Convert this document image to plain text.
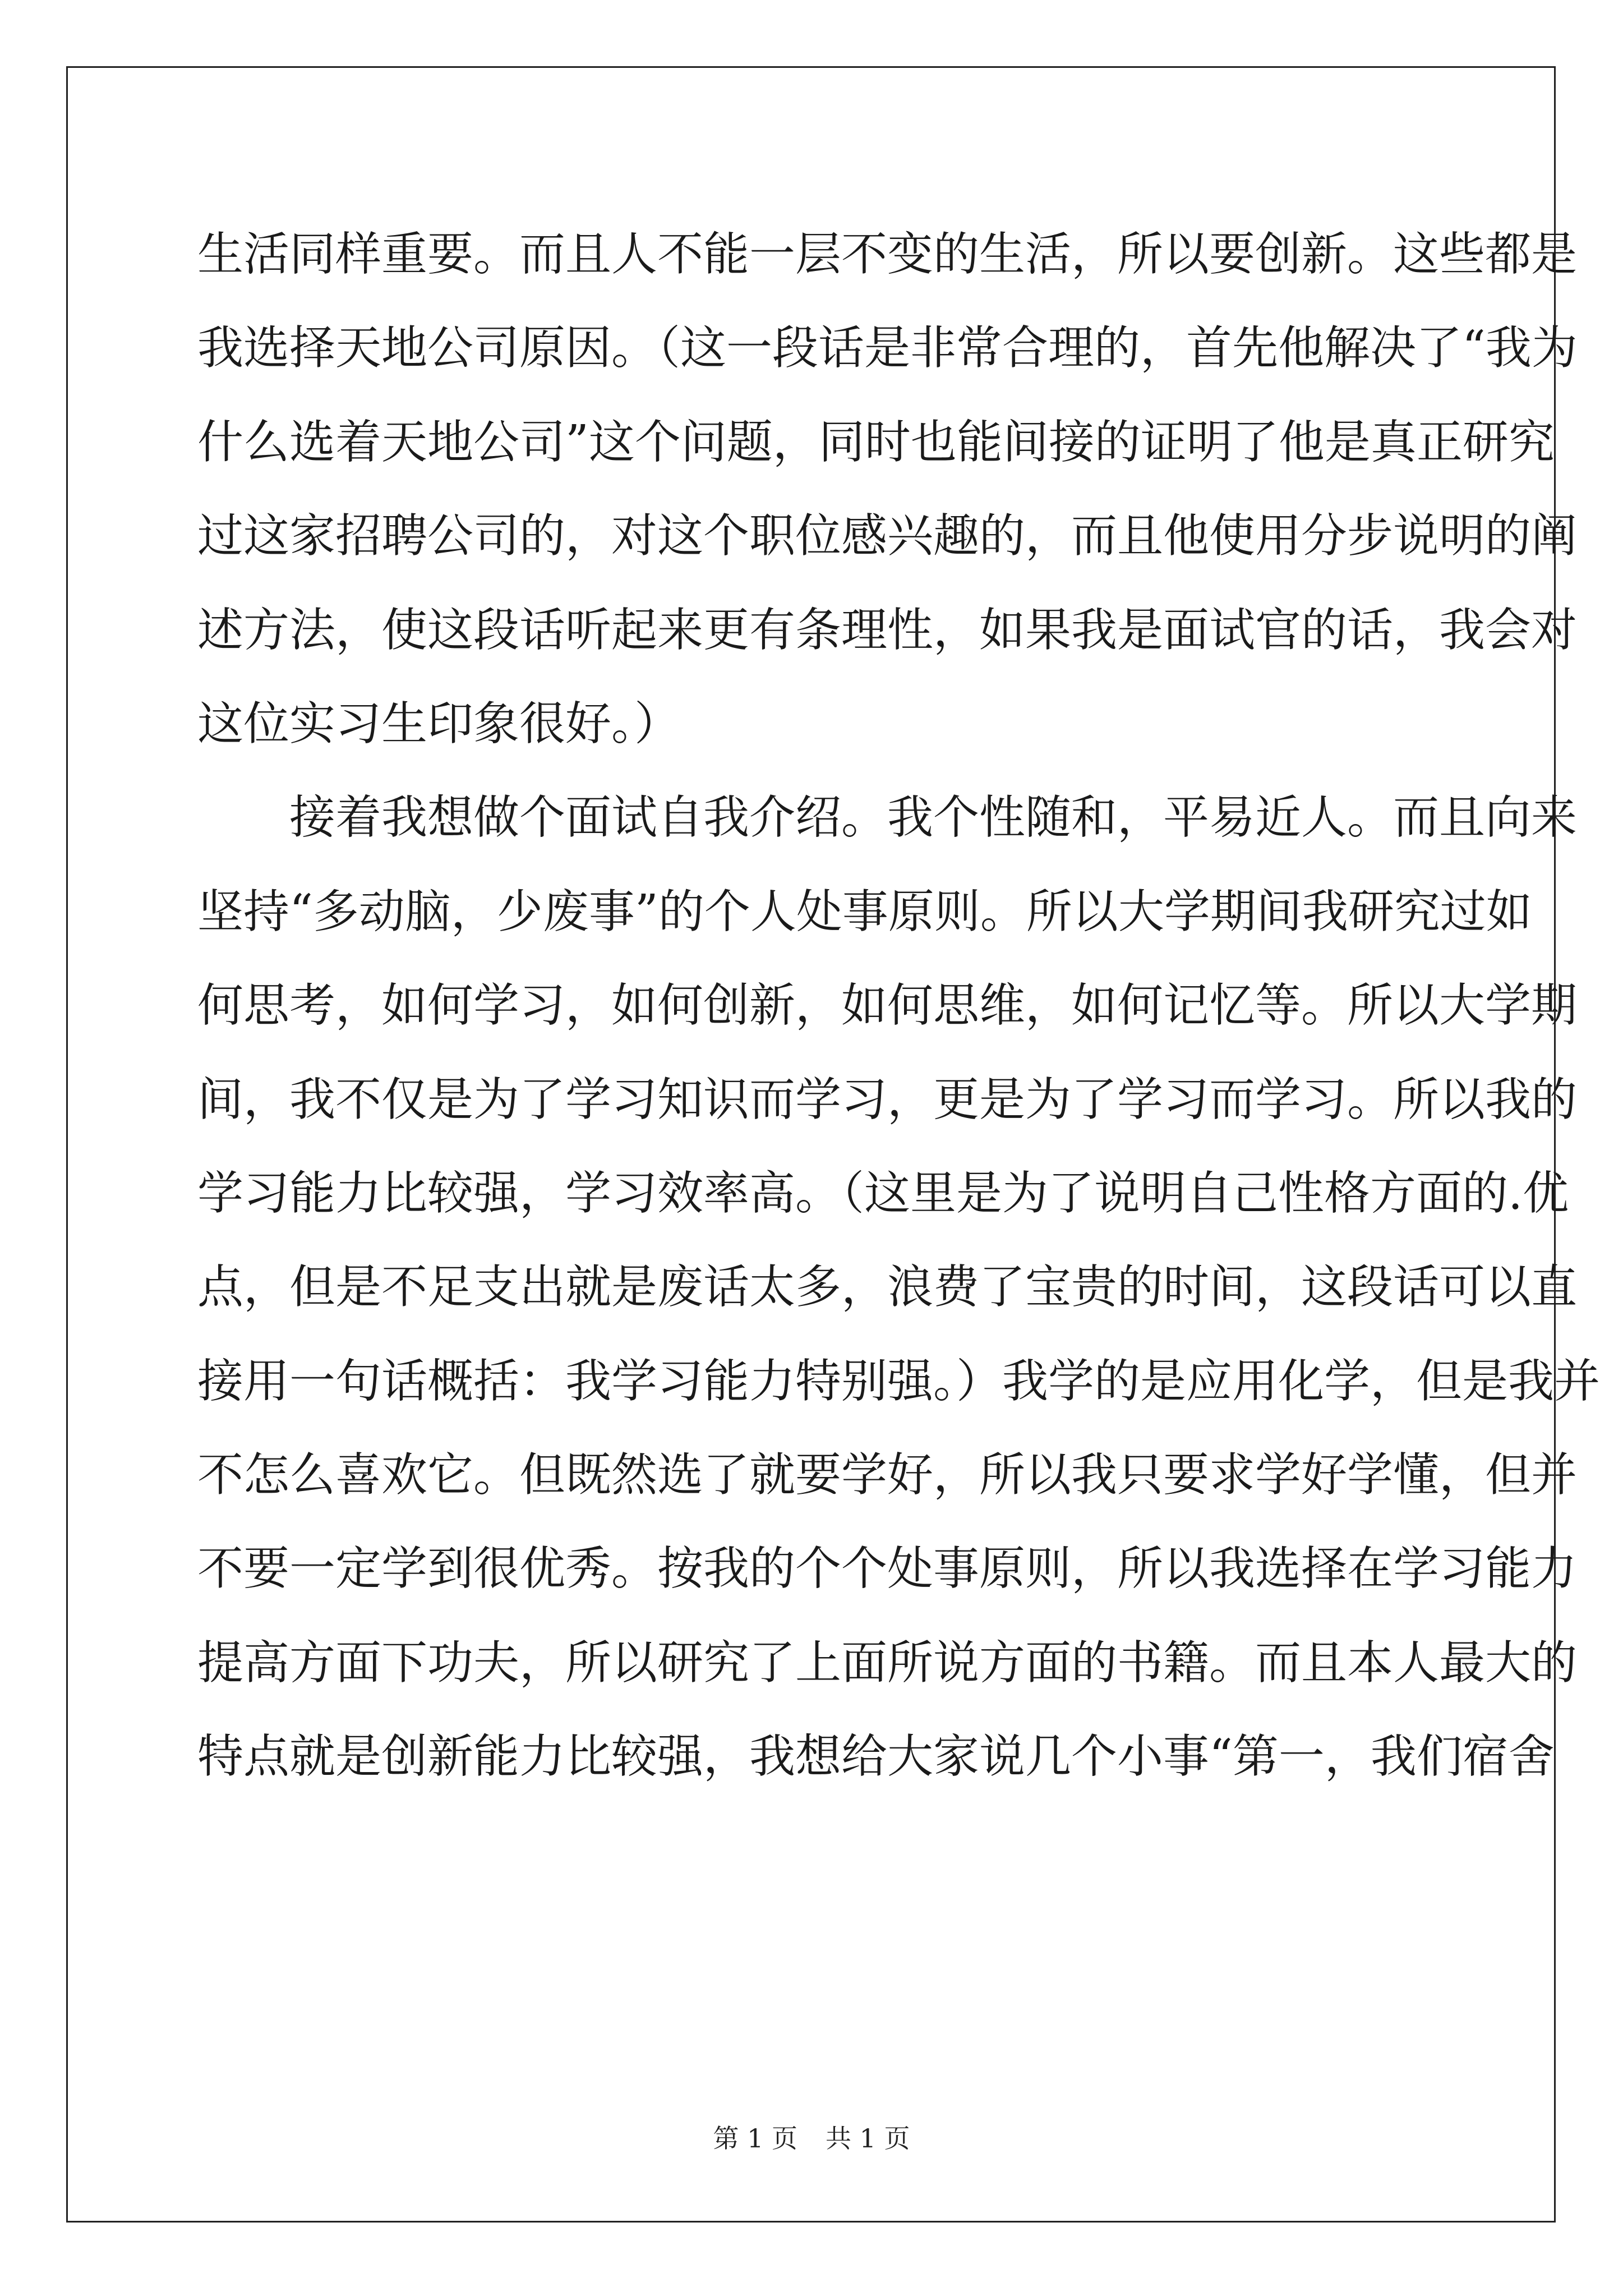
生活同样重要。而且人不能一层不变的生活，所以要创新。这些都是
我选择天地公司原因。（这一段话是非常合理的，首先他解决了“我为
什么选着天地公司”这个问题，同时也能间接的证明了他是真正研究
过这家招聘公司的，对这个职位感兴趣的，而且他使用分步说明的阐
述方法，使这段话听起来更有条理性，如果我是面试官的话，我会对
这位实习生印象很好。）
接着我想做个面试自我介绍。我个性随和，平易近人。而且向来
坚持“多动脑，少废事”的个人处事原则。所以大学期间我研究过如
何思考，如何学习，如何创新，如何思维，如何记忆等。所以大学期
间，我不仅是为了学习知识而学习，更是为了学习而学习。所以我的
学习能力比较强，学习效率高。（这里是为了说明自己性格方面的.优
点，但是不足支出就是废话太多，浪费了宝贵的时间，这段话可以直
接用一句话概括：我学习能力特别强。）我学的是应用化学，但是我并
不怎么喜欢它。但既然选了就要学好，所以我只要求学好学懂，但并
不要一定学到很优秀。按我的个个处事原则，所以我选择在学习能力
提高方面下功夫，所以研究了上面所说方面的书籍。而且本人最大的
特点就是创新能力比较强，我想给大家说几个小事“第一，我们宿舍
第 1 页 共 1 页
